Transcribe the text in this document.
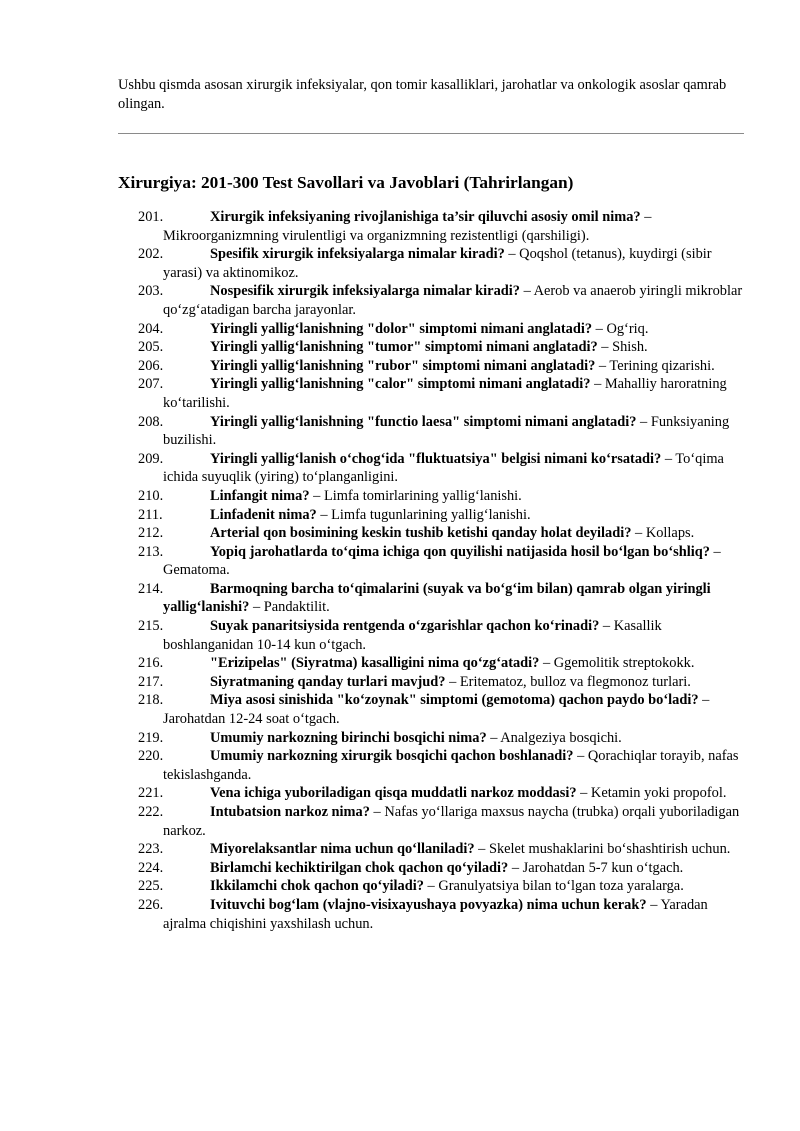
Ushbu qismda asosan xirurgik infeksiyalar, qon tomir kasalliklari, jarohatlar va onkologik asoslar qamrab olingan.

Xirurgiya: 201-300 Test Savollari va Javoblari (Tahrirlangan)
201.	Xirurgik infeksiyaning rivojlanishiga ta’sir qiluvchi asosiy omil nima? – Mikroorganizmning virulentligi va organizmning rezistentligi (qarshiligi).
202.	Spesifik xirurgik infeksiyalarga nimalar kiradi? – Qoqshol (tetanus), kuydirgi (sibir yarasi) va aktinomikoz.
203.	Nospesifik xirurgik infeksiyalarga nimalar kiradi? – Aerob va anaerob yiringli mikroblar qo‘zg‘atadigan barcha jarayonlar.
204.	Yiringli yallig‘lanishning "dolor" simptomi nimani anglatadi? – Og‘riq.
205.	Yiringli yallig‘lanishning "tumor" simptomi nimani anglatadi? – Shish.
206.	Yiringli yallig‘lanishning "rubor" simptomi nimani anglatadi? – Terining qizarishi.
207.	Yiringli yallig‘lanishning "calor" simptomi nimani anglatadi? – Mahalliy haroratning ko‘tarilishi.
208.	Yiringli yallig‘lanishning "functio laesa" simptomi nimani anglatadi? – Funksiyaning buzilishi.
209.	Yiringli yallig‘lanish o‘chog‘ida "fluktuatsiya" belgisi nimani ko‘rsatadi? – To‘qima ichida suyuqlik (yiring) to‘planganligini.
210.	Linfangit nima? – Limfa tomirlarining yallig‘lanishi.
211.	Linfadenit nima? – Limfa tugunlarining yallig‘lanishi.
212.	Arterial qon bosimining keskin tushib ketishi qanday holat deyiladi? – Kollaps.
213.	Yopiq jarohatlarda to‘qima ichiga qon quyilishi natijasida hosil bo‘lgan bo‘shliq? – Gematoma.
214.	Barmoqning barcha to‘qimalarini (suyak va bo‘g‘im bilan) qamrab olgan yiringli yallig‘lanishi? – Pandaktilit.
215.	Suyak panaritsiysida rentgenda o‘zgarishlar qachon ko‘rinadi? – Kasallik boshlanganidan 10-14 kun o‘tgach.
216.	"Erizipelas" (Siyratma) kasalligini nima qo‘zg‘atadi? – Ggemolitik streptokokk.
217.	Siyratmaning qanday turlari mavjud? – Eritematoz, bulloz va flegmonoz turlari.
218.	Miya asosi sinishida "ko‘zoynak" simptomi (gemotoma) qachon paydo bo‘ladi? – Jarohatdan 12-24 soat o‘tgach.
219.	Umumiy narkozning birinchi bosqichi nima? – Analgeziya bosqichi.
220.	Umumiy narkozning xirurgik bosqichi qachon boshlanadi? – Qorachiqlar torayib, nafas tekislashganda.
221.	Vena ichiga yuboriladigan qisqa muddatli narkoz moddasi? – Ketamin yoki propofol.
222.	Intubatsion narkoz nima? – Nafas yo‘llariga maxsus naycha (trubka) orqali yuboriladigan narkoz.
223.	Miyorelaksantlar nima uchun qo‘llaniladi? – Skelet mushaklarini bo‘shashtirish uchun.
224.	Birlamchi kechiktirilgan chok qachon qo‘yiladi? – Jarohatdan 5-7 kun o‘tgach.
225.	Ikkilamchi chok qachon qo‘yiladi? – Granulyatsiya bilan to‘lgan toza yaralarga.
226.	Ivituvchi bog‘lam (vlajno-visixayushaya povyazka) nima uchun kerak? – Yaradan ajralma chiqishini yaxshilash uchun.
